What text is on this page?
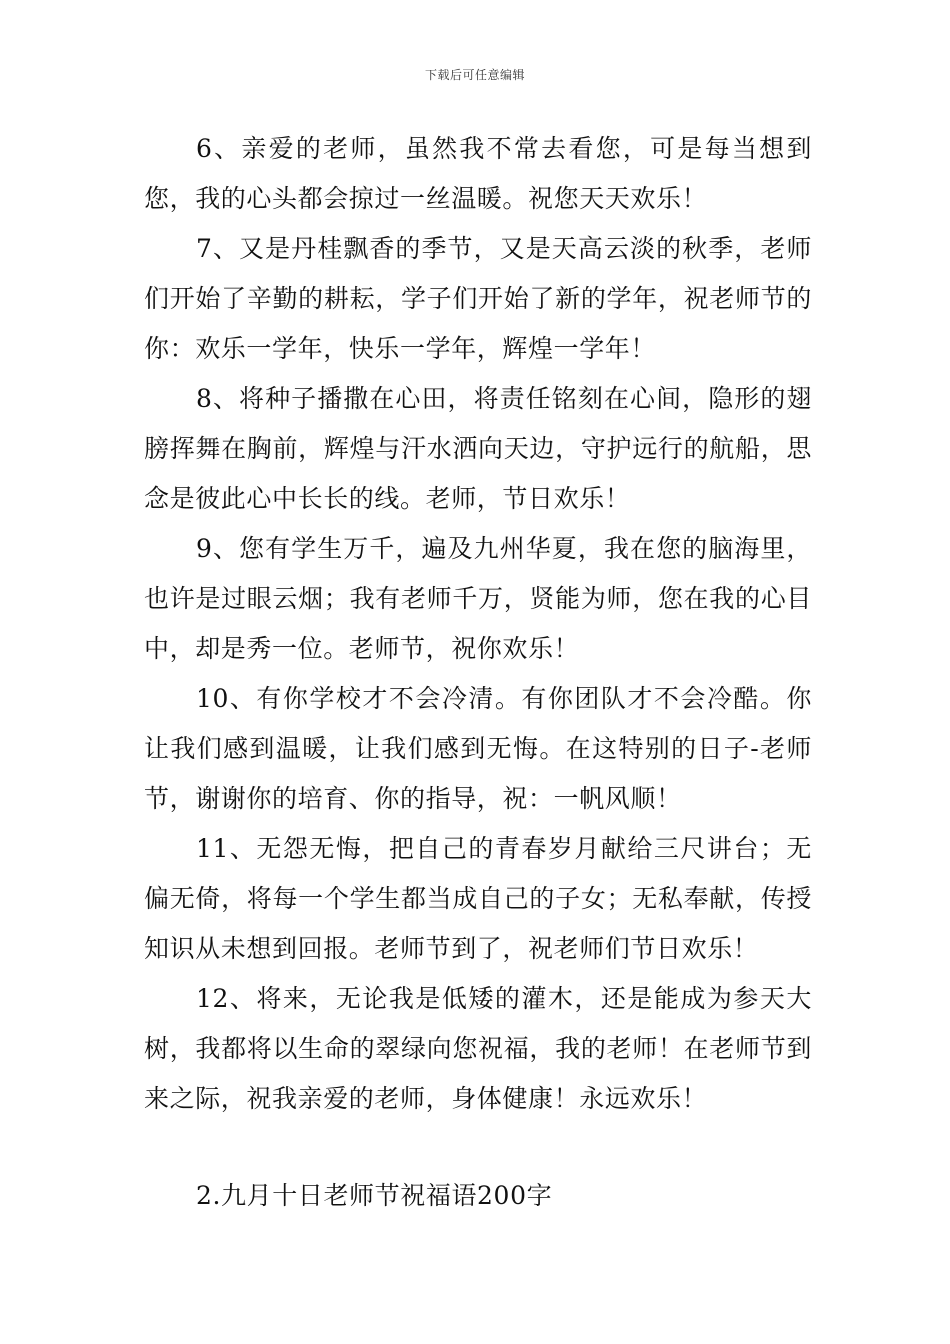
下载后可任意编辑

6、亲爱的老师，虽然我不常去看您，可是每当想到您，我的心头都会掠过一丝温暖。祝您天天欢乐！

7、又是丹桂飘香的季节，又是天高云淡的秋季，老师们开始了辛勤的耕耘，学子们开始了新的学年，祝老师节的你：欢乐一学年，快乐一学年，辉煌一学年！

8、将种子播撒在心田，将责任铭刻在心间，隐形的翅膀挥舞在胸前，辉煌与汗水洒向天边，守护远行的航船，思念是彼此心中长长的线。老师，节日欢乐！

9、您有学生万千，遍及九州华夏，我在您的脑海里，也许是过眼云烟；我有老师千万，贤能为师，您在我的心目中，却是秀一位。老师节，祝你欢乐！

10、有你学校才不会冷清。有你团队才不会冷酷。你让我们感到温暖，让我们感到无悔。在这特别的日子-老师节，谢谢你的培育、你的指导，祝：一帆风顺！

11、无怨无悔，把自己的青春岁月献给三尺讲台；无偏无倚，将每一个学生都当成自己的子女；无私奉献，传授知识从未想到回报。老师节到了，祝老师们节日欢乐！

12、将来，无论我是低矮的灌木，还是能成为参天大树，我都将以生命的翠绿向您祝福，我的老师！在老师节到来之际，祝我亲爱的老师，身体健康！永远欢乐！

2.九月十日老师节祝福语200字
